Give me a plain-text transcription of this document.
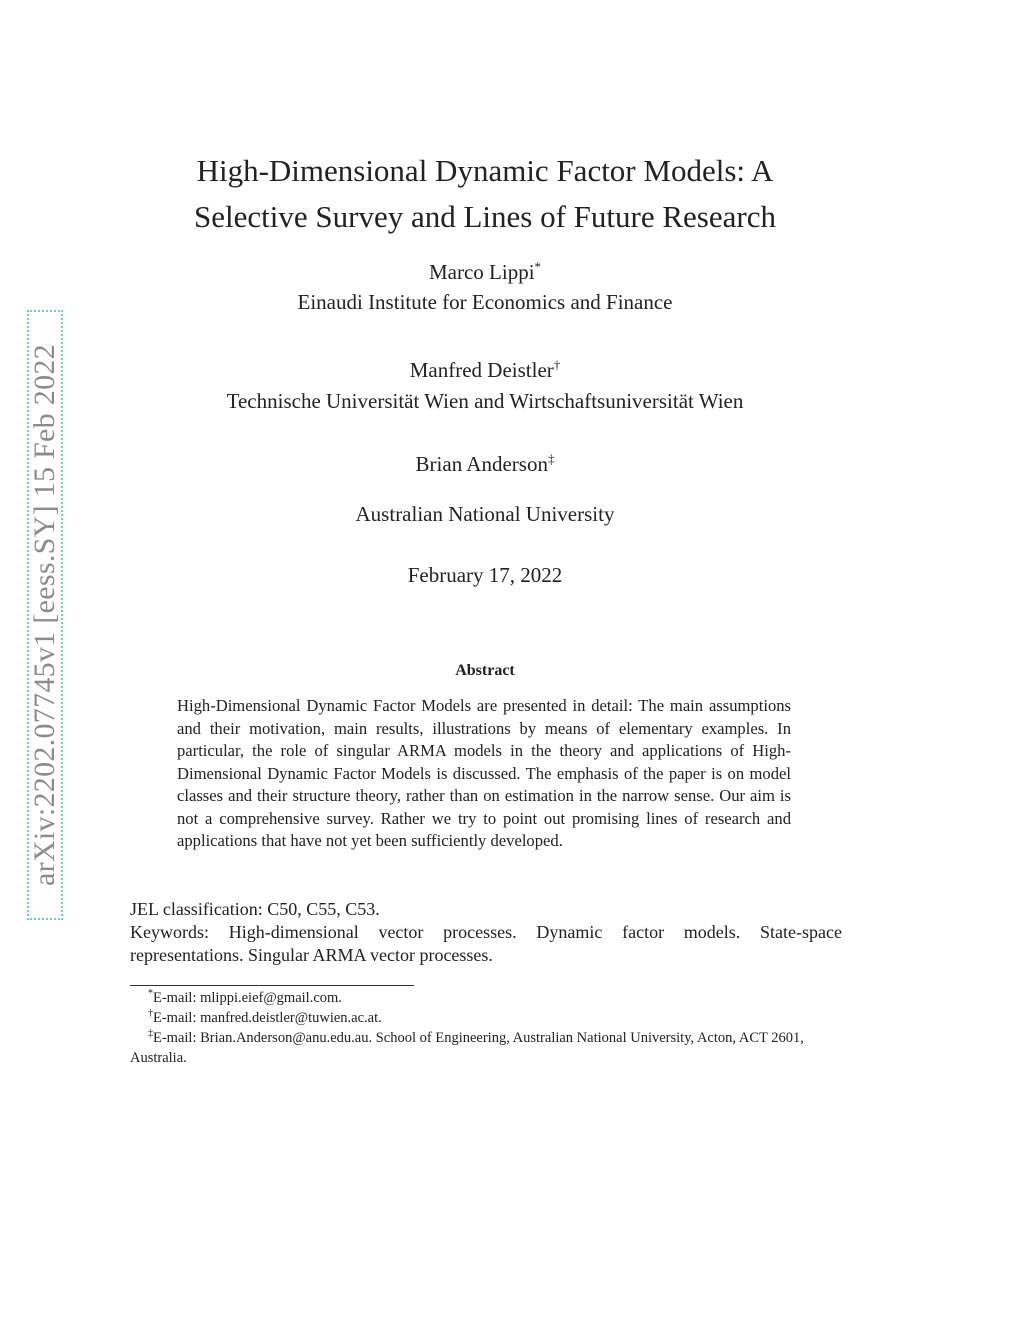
arXiv:2202.07745v1 [eess.SY] 15 Feb 2022
High-Dimensional Dynamic Factor Models: A
Selective Survey and Lines of Future Research
Marco Lippi*
Einaudi Institute for Economics and Finance
Manfred Deistler†
Technische Universität Wien and Wirtschaftsuniversität Wien
Brian Anderson‡
Australian National University
February 17, 2022
Abstract
High-Dimensional Dynamic Factor Models are presented in detail: The main assumptions and their motivation, main results, illustrations by means of elementary examples. In particular, the role of singular ARMA models in the theory and applications of High-Dimensional Dynamic Factor Models is discussed. The emphasis of the paper is on model classes and their structure theory, rather than on estimation in the narrow sense. Our aim is not a comprehensive survey. Rather we try to point out promising lines of research and applications that have not yet been sufficiently developed.
JEL classification: C50, C55, C53.
Keywords: High-dimensional vector processes. Dynamic factor models. State-space representations. Singular ARMA vector processes.
*E-mail: mlippi.eief@gmail.com.
†E-mail: manfred.deistler@tuwien.ac.at.
‡E-mail: Brian.Anderson@anu.edu.au. School of Engineering, Australian National University, Acton, ACT 2601, Australia.
